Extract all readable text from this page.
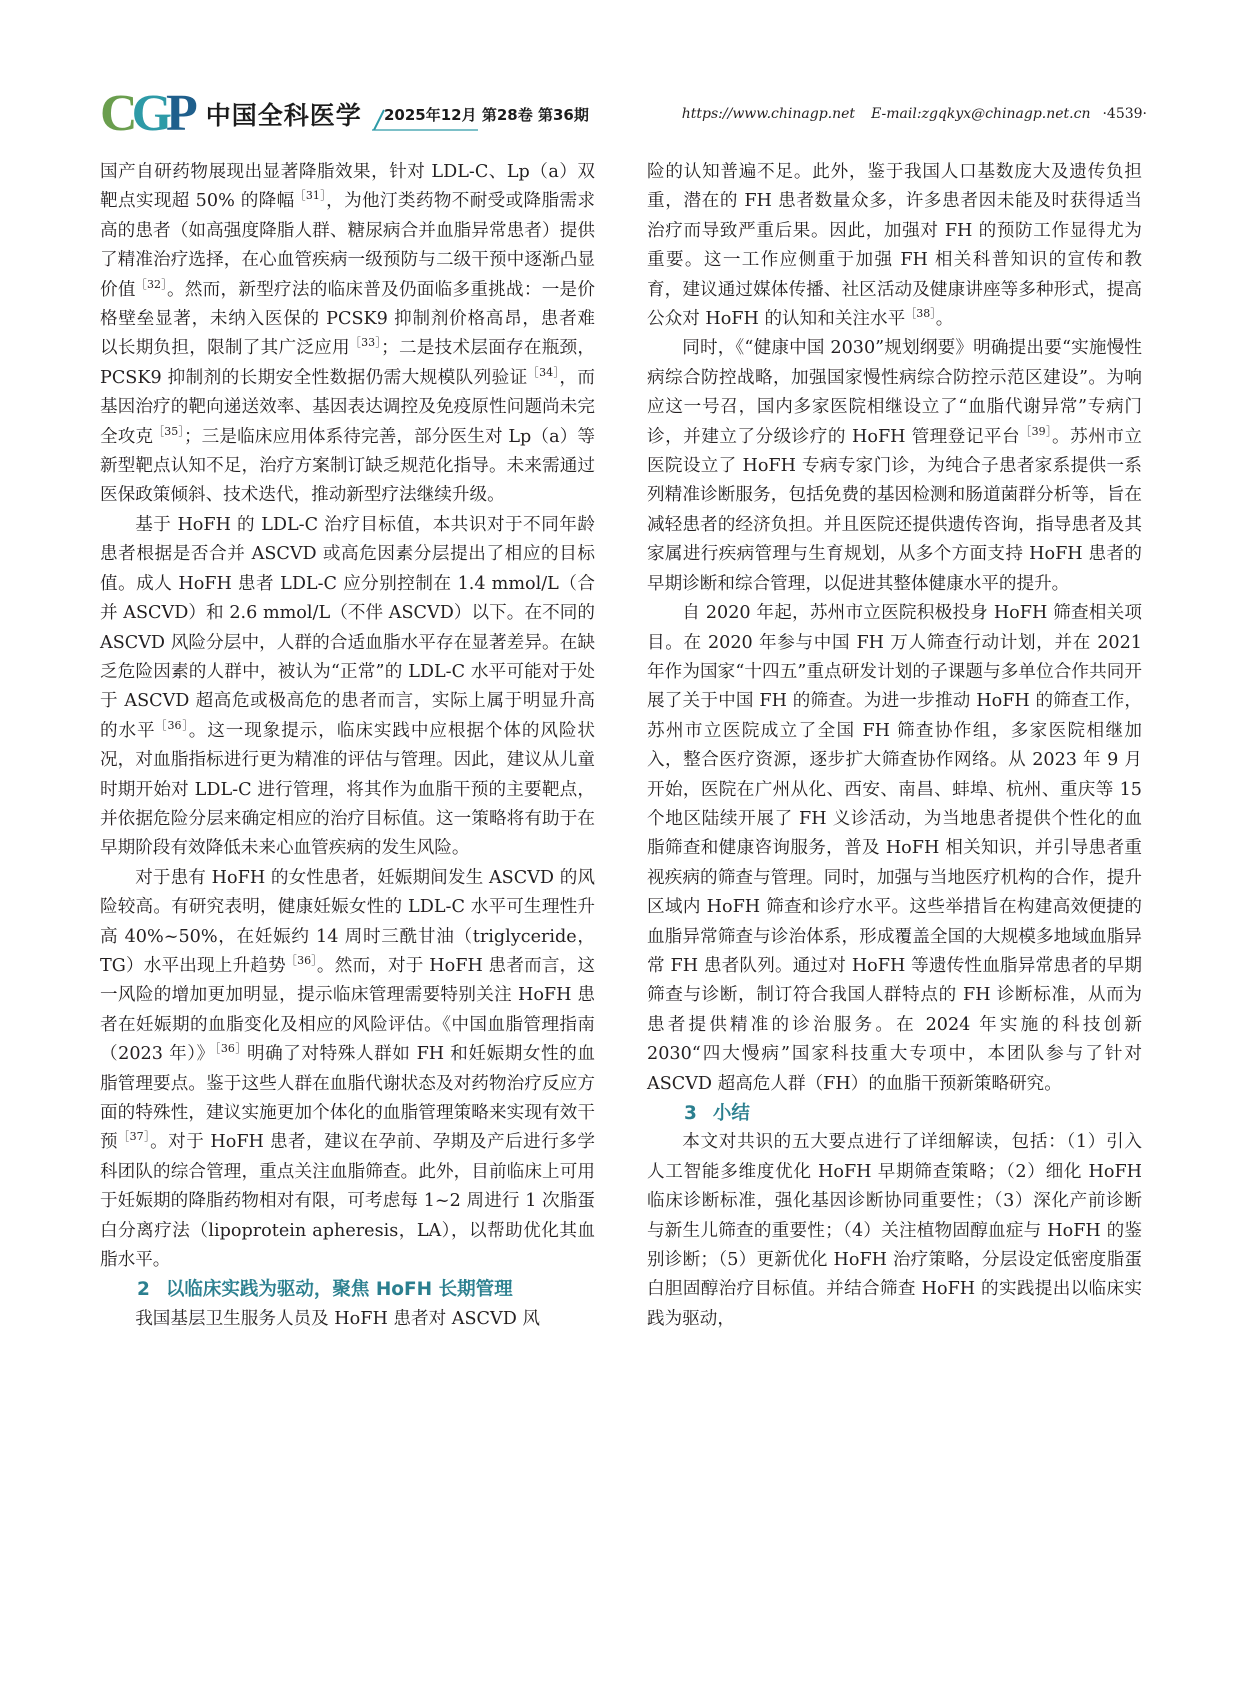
CGP 中国全科医学 2025年12月 第28卷 第36期	https://www.chinagp.net E-mail:zgqkyx@chinagp.net.cn ·4539·

国产自研药物展现出显著降脂效果，针对 LDL-C、Lp（a）双靶点实现超 50% 的降幅$^{[31]}$，为他汀类药物不耐受或降脂需求高的患者（如高强度降脂人群、糖尿病合并血脂异常患者）提供了精准治疗选择，在心血管疾病一级预防与二级干预中逐渐凸显价值$^{[32]}$。然而，新型疗法的临床普及仍面临多重挑战：一是价格壁垒显著，未纳入医保的 PCSK9 抑制剂价格高昂，患者难以长期负担，限制了其广泛应用$^{[33]}$；二是技术层面存在瓶颈，PCSK9 抑制剂的长期安全性数据仍需大规模队列验证$^{[34]}$，而基因治疗的靶向递送效率、基因表达调控及免疫原性问题尚未完全攻克$^{[35]}$；三是临床应用体系待完善，部分医生对 Lp（a）等新型靶点认知不足，治疗方案制订缺乏规范化指导。未来需通过医保政策倾斜、技术迭代，推动新型疗法继续升级。

基于 HoFH 的 LDL-C 治疗目标值，本共识对于不同年龄患者根据是否合并 ASCVD 或高危因素分层提出了相应的目标值。成人 HoFH 患者 LDL-C 应分别控制在 1.4 mmol/L（合并 ASCVD）和 2.6 mmol/L（不伴 ASCVD）以下。在不同的 ASCVD 风险分层中，人群的合适血脂水平存在显著差异。在缺乏危险因素的人群中，被认为“正常”的 LDL-C 水平可能对于处于 ASCVD 超高危或极高危的患者而言，实际上属于明显升高的水平$^{[36]}$。这一现象提示，临床实践中应根据个体的风险状况，对血脂指标进行更为精准的评估与管理。因此，建议从儿童时期开始对 LDL-C 进行管理，将其作为血脂干预的主要靶点，并依据危险分层来确定相应的治疗目标值。这一策略将有助于在早期阶段有效降低未来心血管疾病的发生风险。

对于患有 HoFH 的女性患者，妊娠期间发生 ASCVD 的风险较高。有研究表明，健康妊娠女性的 LDL-C 水平可生理性升高 40%~50%，在妊娠约 14 周时三酰甘油（triglyceride，TG）水平出现上升趋势$^{[36]}$。然而，对于 HoFH 患者而言，这一风险的增加更加明显，提示临床管理需要特别关注 HoFH 患者在妊娠期的血脂变化及相应的风险评估。《中国血脂管理指南（2023 年）》$^{[36]}$明确了对特殊人群如 FH 和妊娠期女性的血脂管理要点。鉴于这些人群在血脂代谢状态及对药物治疗反应方面的特殊性，建议实施更加个体化的血脂管理策略来实现有效干预$^{[37]}$。对于 HoFH 患者，建议在孕前、孕期及产后进行多学科团队的综合管理，重点关注血脂筛查。此外，目前临床上可用于妊娠期的降脂药物相对有限，可考虑每 1~2 周进行 1 次脂蛋白分离疗法（lipoprotein apheresis，LA），以帮助优化其血脂水平。

2 以临床实践为驱动，聚焦 HoFH 长期管理

我国基层卫生服务人员及 HoFH 患者对 ASCVD 风

险的认知普遍不足。此外，鉴于我国人口基数庞大及遗传负担重，潜在的 FH 患者数量众多，许多患者因未能及时获得适当治疗而导致严重后果。因此，加强对 FH 的预防工作显得尤为重要。这一工作应侧重于加强 FH 相关科普知识的宣传和教育，建议通过媒体传播、社区活动及健康讲座等多种形式，提高公众对 HoFH 的认知和关注水平$^{[38]}$。

同时，《“健康中国 2030”规划纲要》明确提出要“实施慢性病综合防控战略，加强国家慢性病综合防控示范区建设”。为响应这一号召，国内多家医院相继设立了“血脂代谢异常”专病门诊，并建立了分级诊疗的 HoFH 管理登记平台$^{[39]}$。苏州市立医院设立了 HoFH 专病专家门诊，为纯合子患者家系提供一系列精准诊断服务，包括免费的基因检测和肠道菌群分析等，旨在减轻患者的经济负担。并且医院还提供遗传咨询，指导患者及其家属进行疾病管理与生育规划，从多个方面支持 HoFH 患者的早期诊断和综合管理，以促进其整体健康水平的提升。

自 2020 年起，苏州市立医院积极投身 HoFH 筛查相关项目。在 2020 年参与中国 FH 万人筛查行动计划，并在 2021 年作为国家“十四五”重点研发计划的子课题与多单位合作共同开展了关于中国 FH 的筛查。为进一步推动 HoFH 的筛查工作，苏州市立医院成立了全国 FH 筛查协作组，多家医院相继加入，整合医疗资源，逐步扩大筛查协作网络。从 2023 年 9 月开始，医院在广州从化、西安、南昌、蚌埠、杭州、重庆等 15 个地区陆续开展了 FH 义诊活动，为当地患者提供个性化的血脂筛查和健康咨询服务，普及 HoFH 相关知识，并引导患者重视疾病的筛查与管理。同时，加强与当地医疗机构的合作，提升区域内 HoFH 筛查和诊疗水平。这些举措旨在构建高效便捷的血脂异常筛查与诊治体系，形成覆盖全国的大规模多地域血脂异常 FH 患者队列。通过对 HoFH 等遗传性血脂异常患者的早期筛查与诊断，制订符合我国人群特点的 FH 诊断标准，从而为患者提供精准的诊治服务。在 2024 年实施的科技创新 2030“四大慢病”国家科技重大专项中，本团队参与了针对 ASCVD 超高危人群（FH）的血脂干预新策略研究。

3 小结

本文对共识的五大要点进行了详细解读，包括：（1）引入人工智能多维度优化 HoFH 早期筛查策略；（2）细化 HoFH 临床诊断标准，强化基因诊断协同重要性；（3）深化产前诊断与新生儿筛查的重要性；（4）关注植物固醇血症与 HoFH 的鉴别诊断；（5）更新优化 HoFH 治疗策略，分层设定低密度脂蛋白胆固醇治疗目标值。并结合筛查 HoFH 的实践提出以临床实践为驱动，
